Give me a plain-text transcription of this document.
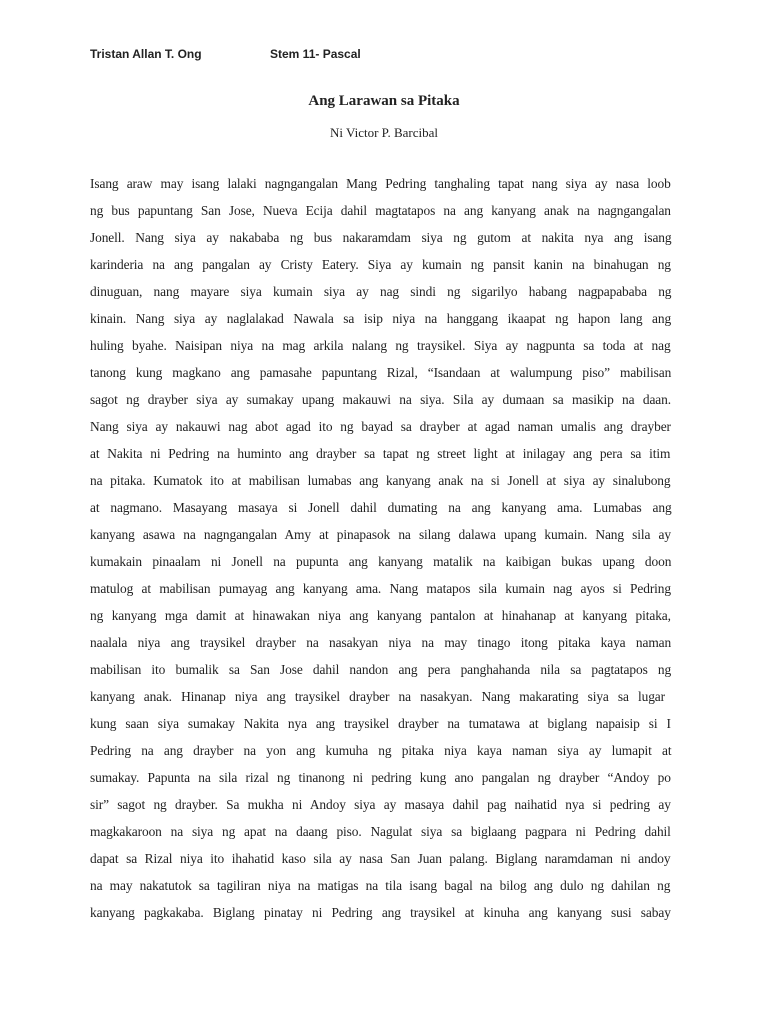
Tristan Allan T. Ong	Stem 11- Pascal
Ang Larawan sa Pitaka
Ni Victor P. Barcibal

Isang araw may isang lalaki nagngangalan Mang Pedring tanghaling tapat nang siya ay nasa loob

ng bus papuntang San Jose, Nueva Ecija dahil magtatapos na ang kanyang anak na nagngangalan

Jonell. Nang siya ay nakababa ng bus nakaramdam siya ng gutom at nakita nya ang isang

karinderia na ang pangalan ay Cristy Eatery. Siya ay kumain ng pansit kanin na binahugan ng

dinuguan, nang mayare siya kumain siya ay nag sindi ng sigarilyo habang nagpapababa ng

kinain. Nang siya ay naglalakad Nawala sa isip niya na hanggang ikaapat ng hapon lang ang

huling byahe. Naisipan niya na mag arkila nalang ng traysikel. Siya ay nagpunta sa toda at nag

tanong kung magkano ang pamasahe papuntang Rizal, “Isandaan at walumpung piso” mabilisan

sagot ng drayber siya ay sumakay upang makauwi na siya. Sila ay dumaan sa masikip na daan.

Nang siya ay nakauwi nag abot agad ito ng bayad sa drayber at agad naman umalis ang drayber

at Nakita ni Pedring na huminto ang drayber sa tapat ng street light at inilagay ang pera sa itim

na pitaka. Kumatok ito at mabilisan lumabas ang kanyang anak na si Jonell at siya ay sinalubong

at nagmano. Masayang masaya si Jonell dahil dumating na ang kanyang ama. Lumabas ang

kanyang asawa na nagngangalan Amy at pinapasok na silang dalawa upang kumain. Nang sila ay

kumakain pinaalam ni Jonell na pupunta ang kanyang matalik na kaibigan bukas upang doon

matulog at mabilisan pumayag ang kanyang ama. Nang matapos sila kumain nag ayos si Pedring

ng kanyang mga damit at hinawakan niya ang kanyang pantalon at hinahanap at kanyang pitaka,

naalala niya ang traysikel drayber na nasakyan niya na may tinago itong pitaka kaya naman

mabilisan ito bumalik sa San Jose dahil nandon ang pera panghahanda nila sa pagtatapos ng

kanyang anak. Hinanap niya ang traysikel drayber na nasakyan. Nang makarating siya sa lugar

kung saan siya sumakay Nakita nya ang traysikel drayber na tumatawa at biglang napaisip si I

Pedring na ang drayber na yon ang kumuha ng pitaka niya kaya naman siya ay lumapit at

sumakay. Papunta na sila rizal ng tinanong ni pedring kung ano pangalan ng drayber “Andoy po

sir” sagot ng drayber. Sa mukha ni Andoy siya ay masaya dahil pag naihatid nya si pedring ay

magkakaroon na siya ng apat na daang piso. Nagulat siya sa biglaang pagpara ni Pedring dahil

dapat sa Rizal niya ito ihahatid kaso sila ay nasa San Juan palang. Biglang naramdaman ni andoy

na may nakatutok sa tagiliran niya na matigas na tila isang bagal na bilog ang dulo ng dahilan ng

kanyang pagkakaba. Biglang pinatay ni Pedring ang traysikel at kinuha ang kanyang susi sabay
